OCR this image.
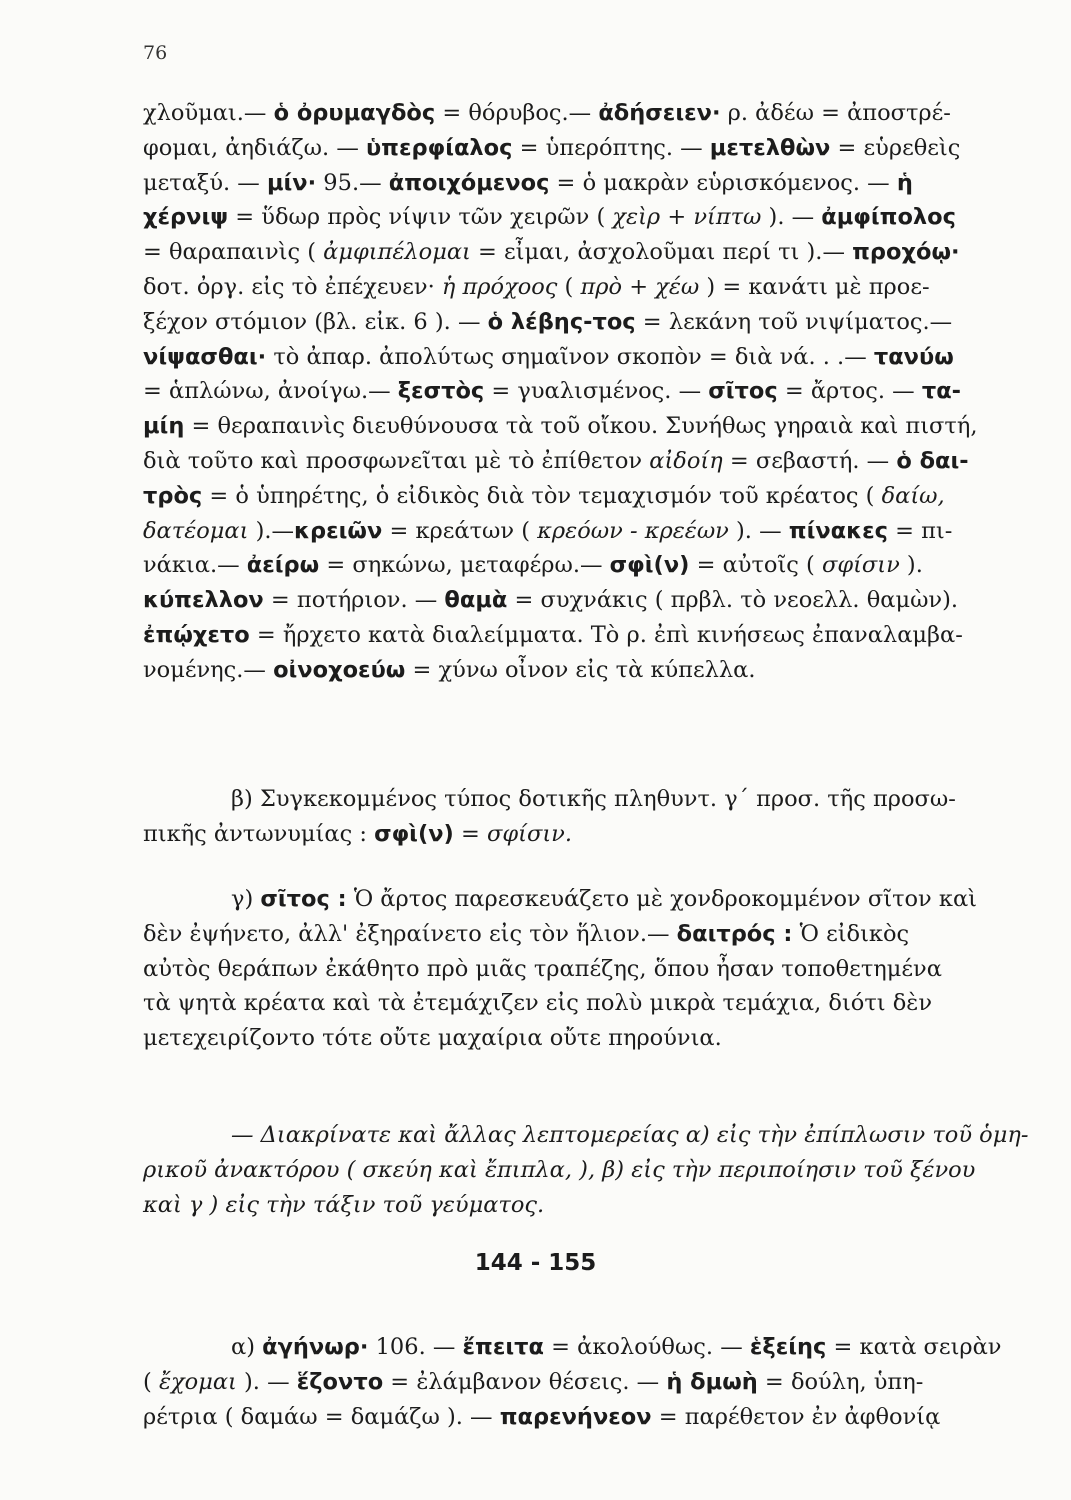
76
χλοῦμαι.— ὁ ὀρυμαγδὸς = θόρυβος.— ἀδήσειεν· ρ. ἀδέω = ἀποστρέ-
φομαι, ἀηδιάζω. — ὑπερφίαλος = ὑπερόπτης. — μετελθὼν = εὑρεθεὶς
μεταξύ. — μίν· 95.— ἀποιχόμενος = ὁ μακρὰν εὑρισκόμενος. — ἡ
χέρνιψ = ὕδωρ πρὸς νίψιν τῶν χειρῶν ( χεὶρ + νίπτω ). — ἀμφίπολος
= θαραπαινὶς ( ἀμφιπέλομαι = εἶμαι, ἀσχολοῦμαι περί τι ).— προχόῳ·
δοτ. ὀργ. εἰς τὸ ἐπέχευεν· ἡ πρόχοος ( πρὸ + χέω ) = κανάτι μὲ προε-
ξέχον στόμιον (βλ. εἰκ. 6 ). — ὁ λέβης-τος = λεκάνη τοῦ νιψίματος.—
νίψασθαι· τὸ ἀπαρ. ἀπολύτως σημαῖνον σκοπὸν = διὰ νά. . .— τανύω
= ἁπλώνω, ἀνοίγω.— ξεστὸς = γυαλισμένος. — σῖτος = ἄρτος. — τα-
μίη = θεραπαινὶς διευθύνουσα τὰ τοῦ οἴκου. Συνήθως γηραιὰ καὶ πιστή,
διὰ τοῦτο καὶ προσφωνεῖται μὲ τὸ ἐπίθετον αἰδοίη = σεβαστή. — ὁ δαι-
τρὸς = ὁ ὑπηρέτης, ὁ εἰδικὸς διὰ τὸν τεμαχισμόν τοῦ κρέατος ( δαίω,
δατέομαι ).—κρειῶν = κρεάτων ( κρεόων - κρεέων ). — πίνακες = πι-
νάκια.— ἀείρω = σηκώνω, μεταφέρω.— σφὶ(ν) = αὐτοῖς ( σφίσιν ).
κύπελλον = ποτήριον. — θαμὰ = συχνάκις ( πρβλ. τὸ νεοελλ. θαμὼν).
ἐπῴχετο = ἤρχετο κατὰ διαλείμματα. Τὸ ρ. ἐπὶ κινήσεως ἐπαναλαμβα-
νομένης.— οἰνοχοεύω = χύνω οἶνον εἰς τὰ κύπελλα.
β) Συγκεκομμένος τύπος δοτικῆς πληθυντ. γ΄ προσ. τῆς προσω-
πικῆς ἀντωνυμίας : σφὶ(ν) = σφίσιν.
γ) σῖτος : Ὁ ἄρτος παρεσκευάζετο μὲ χονδροκομμένον σῖτον καὶ
δὲν ἐψήνετο, ἀλλ' ἐξηραίνετο εἰς τὸν ἥλιον.— δαιτρός : Ὁ εἰδικὸς
αὐτὸς θεράπων ἐκάθητο πρὸ μιᾶς τραπέζης, ὅπου ἦσαν τοποθετημένα
τὰ ψητὰ κρέατα καὶ τὰ ἐτεμάχιζεν εἰς πολὺ μικρὰ τεμάχια, διότι δὲν
μετεχειρίζοντο τότε οὔτε μαχαίρια οὔτε πηρούνια.
— Διακρίνατε καὶ ἄλλας λεπτομερείας α) εἰς τὴν ἐπίπλωσιν τοῦ ὁμη-
ρικοῦ ἀνακτόρου ( σκεύη καὶ ἔπιπλα, ), β) εἰς τὴν περιποίησιν τοῦ ξένου
καὶ γ ) εἰς τὴν τάξιν τοῦ γεύματος.
144 - 155
α) ἀγήνωρ· 106. — ἔπειτα = ἀκολούθως. — ἑξείης = κατὰ σειρὰν
( ἔχομαι ). — ἕζοντο = ἐλάμβανον θέσεις. — ἡ δμωὴ = δούλη, ὑπη-
ρέτρια ( δαμάω = δαμάζω ). — παρενήνεον = παρέθετον ἐν ἀφθονίᾳ
